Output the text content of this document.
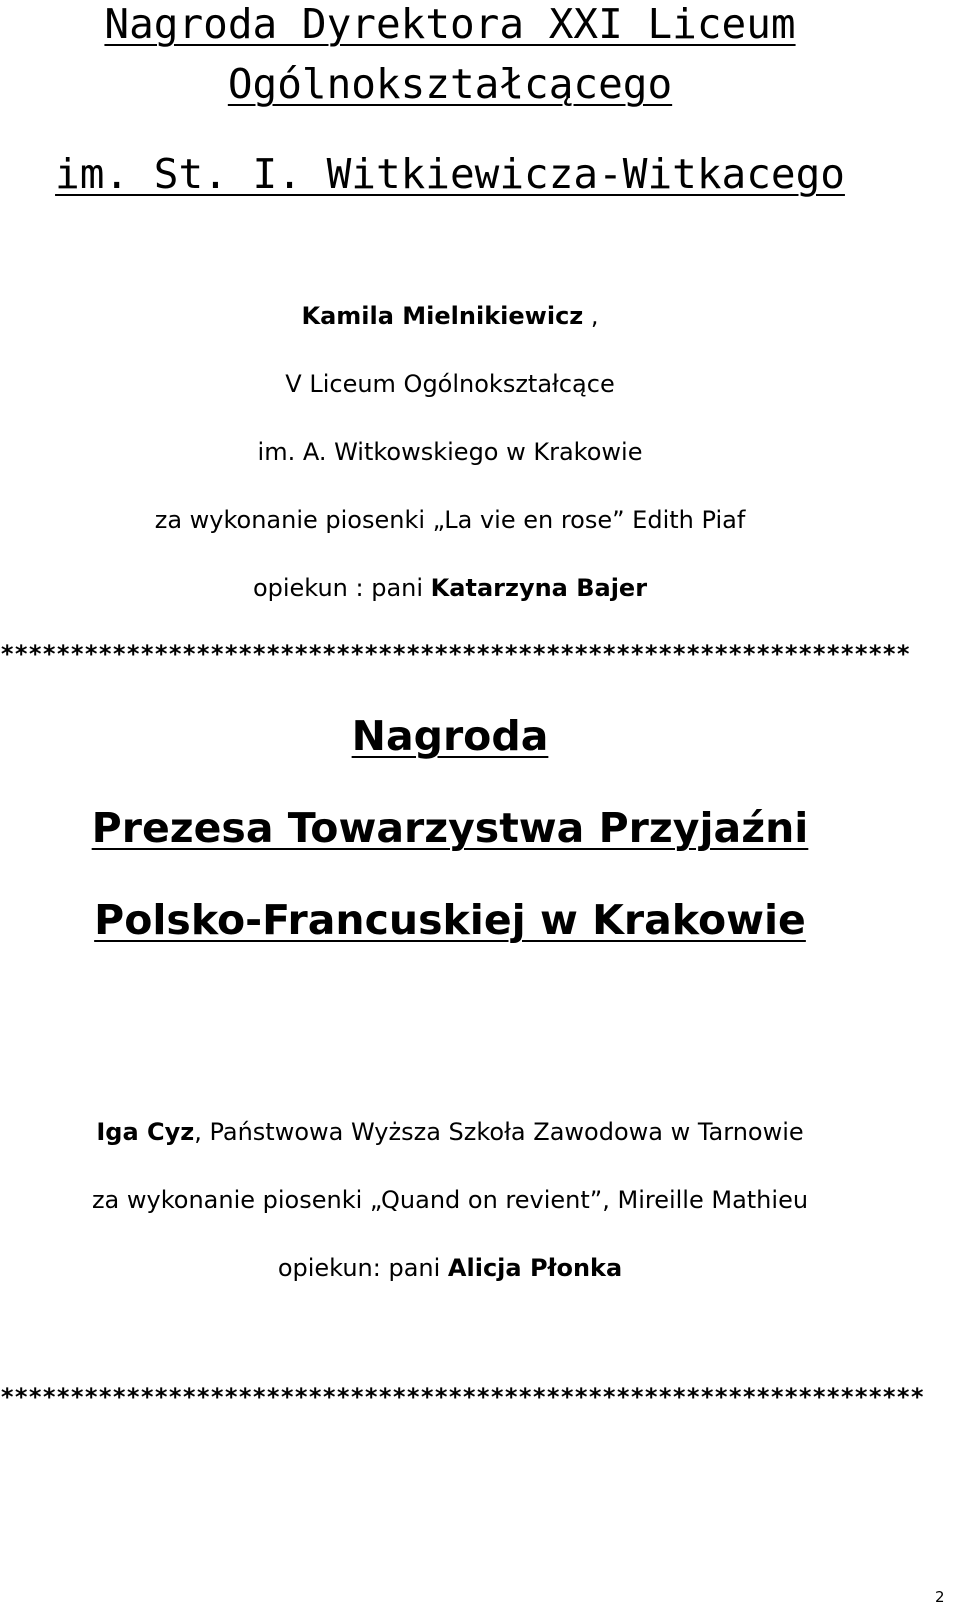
Nagroda Dyrektora XXI Liceum
Ogólnokształcącego
im. St. I. Witkiewicza-Witkacego
Kamila Mielnikiewicz ,
V Liceum Ogólnokształcące
im. A. Witkowskiego w Krakowie
za wykonanie piosenki „La vie en rose” Edith Piaf
opiekun : pani Katarzyna Bajer
*****************************************************************
Nagroda
Prezesa Towarzystwa Przyjaźni
Polsko-Francuskiej w Krakowie
Iga Cyz, Państwowa Wyższa Szkoła Zawodowa w Tarnowie
za wykonanie piosenki „Quand on revient”, Mireille Mathieu
opiekun: pani Alicja Płonka
******************************************************************
2
